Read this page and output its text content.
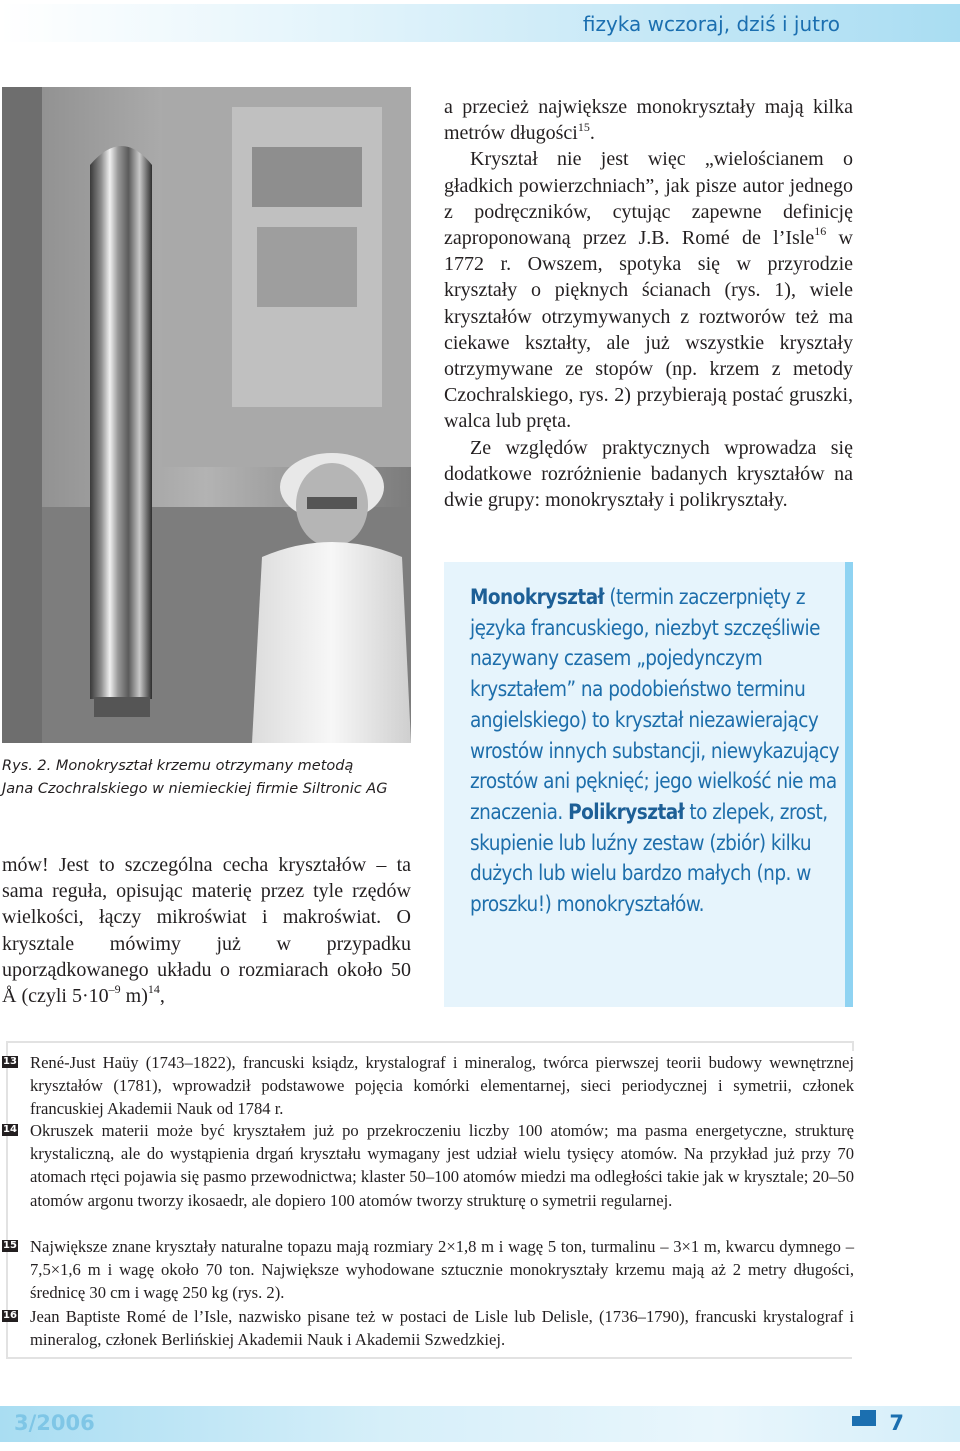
fizyka wczoraj, dziś i jutro
Rys. 2. Monokryształ krzemu otrzymany metodą
Jana Czochralskiego w niemieckiej firmie Siltronic AG
mów! Jest to szczególna cecha kryształów – ta sama reguła, opisując materię przez tyle rzędów wielkości, łączy mikroświat i makroświat. O krysztale mówimy już w przypadku uporządkowanego układu o rozmiarach około 50 Å (czyli $5\cdot 10^{-9}$ m)$^{14}$,

a przecież największe monokryształy mają kilka metrów długości$^{15}$.

Kryształ nie jest więc „wielościanem o gładkich powierzchniach”, jak pisze autor jednego z podręczników, cytując zapewne definicję zaproponowaną przez J.B. Romé de l’Isle$^{16}$ w 1772 r. Owszem, spotyka się w przyrodzie kryształy o pięknych ścianach (rys. 1), wiele kryształów otrzymywanych z roztworów też ma ciekawe kształty, ale już wszystkie kryształy otrzymywane ze stopów (np. krzem z metody Czochralskiego, rys. 2) przybierają postać gruszki, walca lub pręta.

Ze względów praktycznych wprowadza się dodatkowe rozróżnienie badanych kryształów na dwie grupy: monokryształy i polikryształy.

Monokryształ (termin zaczerpnięty z języka francuskiego, niezbyt szczęśliwie nazywany czasem „pojedynczym kryształem” na podobieństwo terminu angielskiego) to kryształ niezawierający wrostów innych substancji, niewykazujący zrostów ani pęknięć; jego wielkość nie ma znaczenia. Polikryształ to zlepek, zrost, skupienie lub luźny zestaw (zbiór) kilku dużych lub wielu bardzo małych (np. w proszku!) monokryształów.
13 René-Just Haüy (1743–1822), francuski ksiądz, krystalograf i mineralog, twórca pierwszej teorii budowy wewnętrznej kryształów (1781), wprowadził podstawowe pojęcia komórki elementarnej, sieci periodycznej i symetrii, członek francuskiej Akademii Nauk od 1784 r.
14 Okruszek materii może być kryształem już po przekroczeniu liczby 100 atomów; ma pasma energetyczne, strukturę krystaliczną, ale do wystąpienia drgań kryształu wymagany jest udział wielu tysięcy atomów. Na przykład już przy 70 atomach rtęci pojawia się pasmo przewodnictwa; klaster 50–100 atomów miedzi ma odległości takie jak w krysztale; 20–50 atomów argonu tworzy ikosaedr, ale dopiero 100 atomów tworzy strukturę o symetrii regularnej.
15 Największe znane kryształy naturalne topazu mają rozmiary 2×1,8 m i wagę 5 ton, turmalinu – 3×1 m, kwarcu dymnego – 7,5×1,6 m i wagę około 70 ton. Największe wyhodowane sztucznie monokryształy krzemu mają aż 2 metry długości, średnicę 30 cm i wagę 250 kg (rys. 2).
16 Jean Baptiste Romé de l’Isle, nazwisko pisane też w postaci de Lisle lub Delisle, (1736–1790), francuski krystalograf i mineralog, członek Berlińskiej Akademii Nauk i Akademii Szwedzkiej.
3/2006	7
